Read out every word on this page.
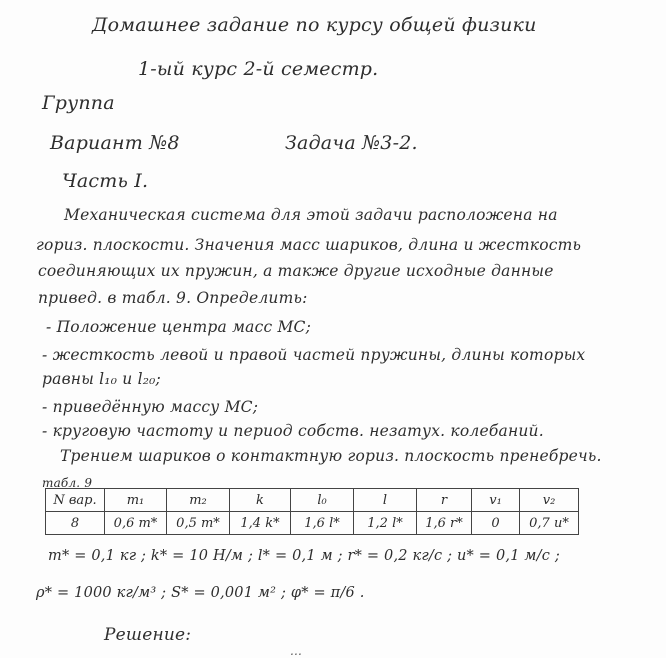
Домашнее задание по курсу общей физики
1-ый курс 2-й семестр.
Группа
Вариант №8	Задача №3-2.
Часть I.
Механическая система для этой задачи расположена на
гориз. плоскости. Значения масс шариков, длина и жесткость
соединяющих их пружин, а также другие исходные данные
привед. в табл. 9. Определить:
- Положение центра масс МС;
- жесткость левой и правой частей пружины, длины которых
равны l₁₀ и l₂₀;
- приведённую массу МС;
- круговую частоту и период собств. незатух. колебаний.
Трением шариков о контактную гориз. плоскость пренебречь.
табл. 9
N вар.	m₁	m₂	k	l₀	l	r	v₁	v₂
8	0,6 m*	0,5 m*	1,4 k*	1,6 l*	1,2 l*	1,6 r*	0	0,7 u*
m* = 0,1 кг ; k* = 10 Н/м ; l* = 0,1 м ; r* = 0,2 кг/с ; u* = 0,1 м/с ;
ρ* = 1000 кг/м³ ; S* = 0,001 м² ; φ* = π/6 .
Решение:
...
